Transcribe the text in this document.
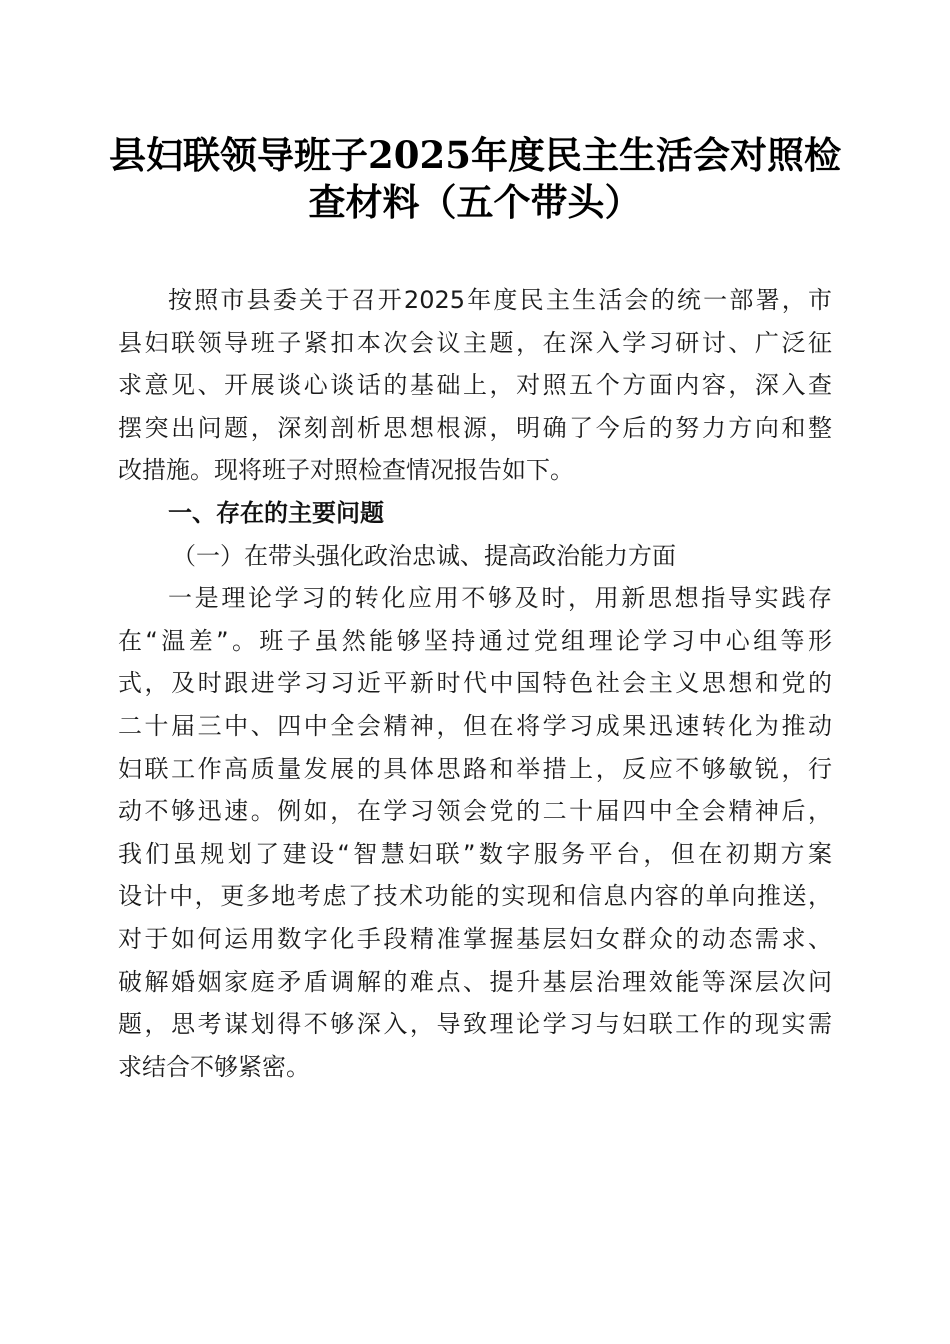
县妇联领导班子2025年度民主生活会对照检
查材料（五个带头）
按照市县委关于召开2025年度民主生活会的统一部署，市
县妇联领导班子紧扣本次会议主题，在深入学习研讨、广泛征
求意见、开展谈心谈话的基础上，对照五个方面内容，深入查
摆突出问题，深刻剖析思想根源，明确了今后的努力方向和整
改措施。现将班子对照检查情况报告如下。
一、存在的主要问题
（一）在带头强化政治忠诚、提高政治能力方面
一是理论学习的转化应用不够及时，用新思想指导实践存
在“温差”。班子虽然能够坚持通过党组理论学习中心组等形
式，及时跟进学习习近平新时代中国特色社会主义思想和党的
二十届三中、四中全会精神，但在将学习成果迅速转化为推动
妇联工作高质量发展的具体思路和举措上，反应不够敏锐，行
动不够迅速。例如，在学习领会党的二十届四中全会精神后，
我们虽规划了建设“智慧妇联”数字服务平台，但在初期方案
设计中，更多地考虑了技术功能的实现和信息内容的单向推送，
对于如何运用数字化手段精准掌握基层妇女群众的动态需求、
破解婚姻家庭矛盾调解的难点、提升基层治理效能等深层次问
题，思考谋划得不够深入，导致理论学习与妇联工作的现实需
求结合不够紧密。
